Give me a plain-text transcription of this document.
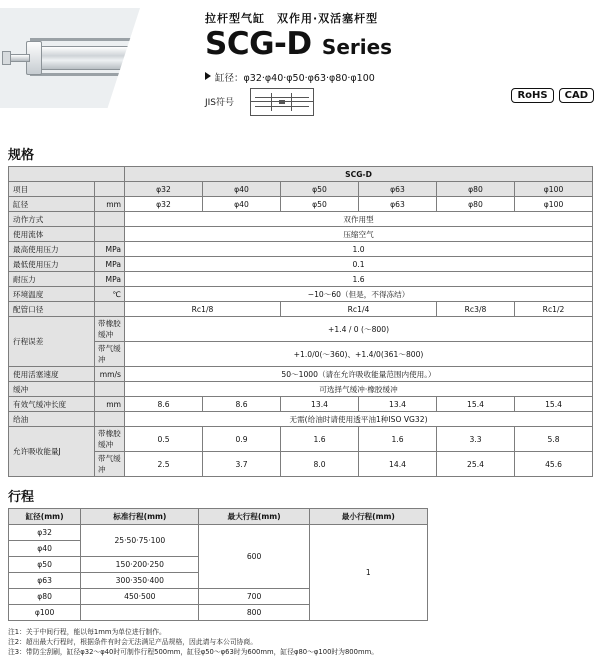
拉杆型气缸　双作用·双活塞杆型
SCG-D Series
缸径：φ32·φ40·φ50·φ63·φ80·φ100
JIS符号
RoHS	CAD
规格
		SCG-D					
项目		φ32	φ40	φ50	φ63	φ80	φ100
缸径	mm	φ32	φ40	φ50	φ63	φ80	φ100
动作方式		双作用型					
使用流体		压缩空气					
最高使用压力	MPa	1.0					
最低使用压力	MPa	0.1					
耐压力	MPa	1.6					
环境温度	℃	−10～60（但是，不得冻结）					
配管口径		Rc1/8		Rc1/4		Rc3/8	Rc1/2
行程误差	带橡胶缓冲	+1.4 / 0 (～800)					
	带气缓冲	+1.0/0(～360)、+1.4/0(361～800)					
使用活塞速度	mm/s	50～1000（请在允许吸收能量范围内使用。）					
缓冲		可选择气缓冲·橡胶缓冲					
有效气缓冲长度	mm	8.6	8.6	13.4	13.4	15.4	15.4
给油		无需(给油时请使用透平油1种ISO VG32)					
允许吸收能量J	带橡胶缓冲	0.5	0.9	1.6	1.6	3.3	5.8
	带气缓冲	2.5	3.7	8.0	14.4	25.4	45.6
行程
缸径(mm)	标准行程(mm)	最大行程(mm)	最小行程(mm)
φ32	25·50·75·100	600	1
φ40			
φ50	150·200·250		
φ63	300·350·400		
φ80	450·500	700	
φ100		800	
注1：关于中间行程，能以每1mm为单位进行制作。
注2：超出最大行程时，根据条件有时会无法满足产品规格，因此请与本公司协商。
注3：带防尘刮刷，缸径φ32～φ40时可制作行程500mm，缸径φ50～φ63时为600mm，缸径φ80～φ100时为800mm。
